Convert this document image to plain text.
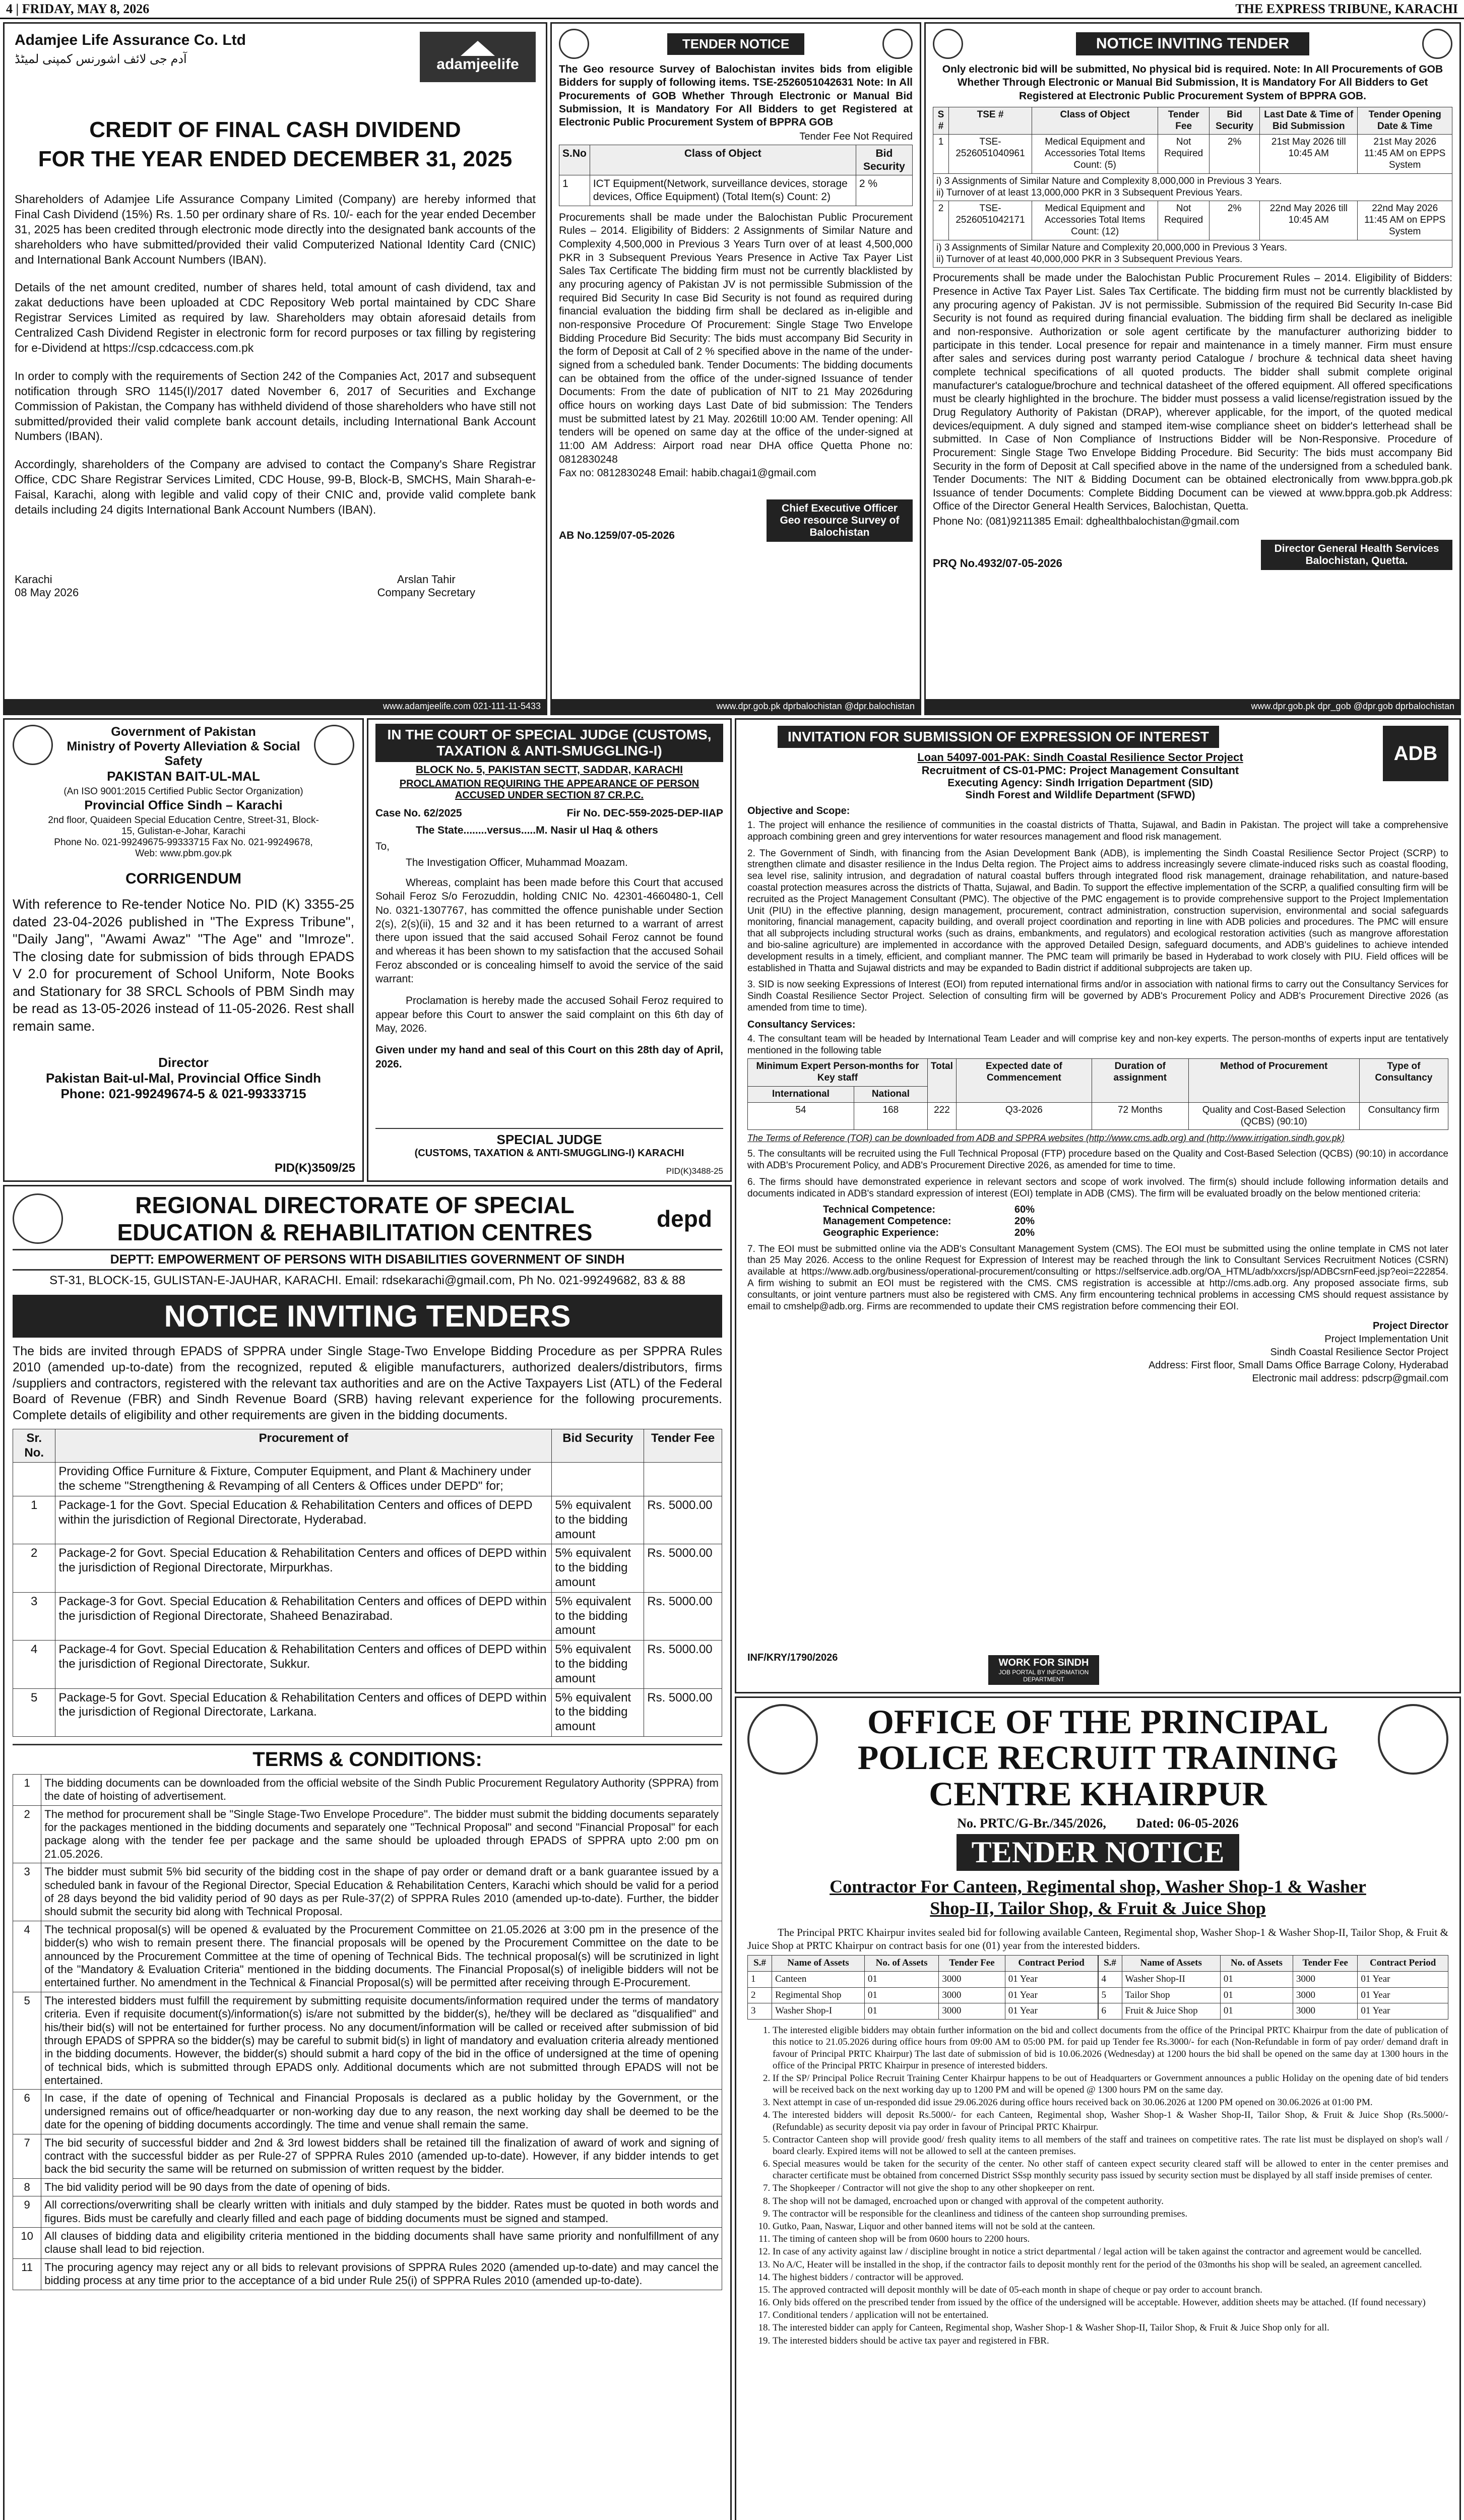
4 | FRIDAY, MAY 8, 2026	THE EXPRESS TRIBUNE, KARACHI
Adamjee Life Assurance Co. Ltd
آدم جی لائف اشورنس کمپنی لمیٹڈ	adamjeelife
CREDIT OF FINAL CASH DIVIDEND
FOR THE YEAR ENDED DECEMBER 31, 2025

Shareholders of Adamjee Life Assurance Company Limited (Company) are hereby informed that Final Cash Dividend (15%) Rs. 1.50 per ordinary share of Rs. 10/- each for the year ended December 31, 2025 has been credited through electronic mode directly into the designated bank accounts of the shareholders who have submitted/provided their valid Computerized National Identity Card (CNIC) and International Bank Account Numbers (IBAN).

Details of the net amount credited, number of shares held, total amount of cash dividend, tax and zakat deductions have been uploaded at CDC Repository Web portal maintained by CDC Share Registrar Services Limited as required by law. Shareholders may obtain aforesaid details from Centralized Cash Dividend Register in electronic form for record purposes or tax filling by registering for e-Dividend at https://csp.cdcaccess.com.pk

In order to comply with the requirements of Section 242 of the Companies Act, 2017 and subsequent notification through SRO 1145(I)/2017 dated November 6, 2017 of Securities and Exchange Commission of Pakistan, the Company has withheld dividend of those shareholders who have still not submitted/provided their valid complete bank account details, including International Bank Account Numbers (IBAN).

Accordingly, shareholders of the Company are advised to contact the Company's Share Registrar Office, CDC Share Registrar Services Limited, CDC House, 99-B, Block-B, SMCHS, Main Sharah-e-Faisal, Karachi, along with legible and valid copy of their CNIC and, provide valid complete bank details including 24 digits International Bank Account Numbers (IBAN).

Karachi
08 May 2026
Arslan Tahir
Company Secretary
www.adamjeelife.com 021-111-11-5433
TENDER NOTICE

The Geo resource Survey of Balochistan invites bids from eligible Bidders for supply of following items. TSE-2526051042631 Note: In All Procurements of GOB Whether Through Electronic or Manual Bid Submission, It is Mandatory For All Bidders to get Registered at Electronic Public Procurement System of BPPRA GOB

Tender Fee Not Required
S.No	Class of Object	Bid Security
1	ICT Equipment(Network, surveillance devices, storage devices, Office Equipment) (Total Item(s) Count: 2)	2 %

Procurements shall be made under the Balochistan Public Procurement Rules – 2014. Eligibility of Bidders: 2 Assignments of Similar Nature and Complexity 4,500,000 in Previous 3 Years Turn over of at least 4,500,000 PKR in 3 Subsequent Previous Years Presence in Active Tax Payer List Sales Tax Certificate The bidding firm must not be currently blacklisted by any procuring agency of Pakistan JV is not permissible Submission of the required Bid Security In case Bid Security is not found as required during financial evaluation the bidding firm shall be declared as in-eligible and non-responsive Procedure Of Procurement: Single Stage Two Envelope Bidding Procedure Bid Security: The bids must accompany Bid Security in the form of Deposit at Call of 2 % specified above in the name of the under-signed from a scheduled bank. Tender Documents: The bidding documents can be obtained from the office of the under-signed Issuance of tender Documents: From the date of publication of NIT to 21 May 2026during office hours on working days Last Date of bid submission: The Tenders must be submitted latest by 21 May. 2026till 10:00 AM. Tender opening: All tenders will be opened on same day at the office of the under-signed at 11:00 AM Address: Airport road near DHA office Quetta Phone no: 0812830248

Fax no: 0812830248 Email: habib.chagai1@gmail.com
AB No.1259/07-05-2026
Chief Executive Officer Geo resource Survey of Balochistan
www.dpr.gob.pk dprbalochistan @dpr.balochistan
NOTICE INVITING TENDER

Only electronic bid will be submitted, No physical bid is required. Note: In All Procurements of GOB Whether Through Electronic or Manual Bid Submission, It is Mandatory For All Bidders to Get Registered at Electronic Public Procurement System of BPPRA GOB.

S #	TSE #	Class of Object	Tender Fee	Bid Security	Last Date & Time of Bid Submission	Tender Opening Date & Time
1	TSE-2526051040961	Medical Equipment and Accessories Total Items Count: (5)	Not Required	2%	21st May 2026 till 10:45 AM	21st May 2026 11:45 AM on EPPS System

i) 3 Assignments of Similar Nature and Complexity 8,000,000 in Previous 3 Years.
ii) Turnover of at least 13,000,000 PKR in 3 Subsequent Previous Years.						

2	TSE-2526051042171	Medical Equipment and Accessories Total Items Count: (12)	Not Required	2%	22nd May 2026 till 10:45 AM	22nd May 2026 11:45 AM on EPPS System

i) 3 Assignments of Similar Nature and Complexity 20,000,000 in Previous 3 Years.
ii) Turnover of at least 40,000,000 PKR in 3 Subsequent Previous Years.						

Procurements shall be made under the Balochistan Public Procurement Rules – 2014. Eligibility of Bidders: Presence in Active Tax Payer List. Sales Tax Certificate. The bidding firm must not be currently blacklisted by any procuring agency of Pakistan. JV is not permissible. Submission of the required Bid Security In-case Bid Security is not found as required during financial evaluation. The bidding firm shall be declared as ineligible and non-responsive. Authorization or sole agent certificate by the manufacturer authorizing bidder to participate in this tender. Local presence for repair and maintenance in a timely manner. Firm must ensure after sales and services during post warranty period Catalogue / brochure & technical data sheet having complete technical specifications of all quoted products. The bidder shall submit complete original manufacturer's catalogue/brochure and technical datasheet of the offered equipment. All offered specifications must be clearly highlighted in the brochure. The bidder must possess a valid license/registration issued by the Drug Regulatory Authority of Pakistan (DRAP), wherever applicable, for the import, of the quoted medical devices/equipment. A duly signed and stamped item-wise compliance sheet on bidder's letterhead shall be submitted. In Case of Non Compliance of Instructions Bidder will be Non-Responsive. Procedure of Procurement: Single Stage Two Envelope Bidding Procedure. Bid Security: The bids must accompany Bid Security in the form of Deposit at Call specified above in the name of the undersigned from a scheduled bank. Tender Documents: The NIT & Bidding Document can be obtained electronically from www.bppra.gob.pk Issuance of tender Documents: Complete Bidding Document can be viewed at www.bppra.gob.pk Address: Office of the Director General Health Services, Balochistan, Quetta.

Phone No: (081)9211385 Email: dghealthbalochistan@gmail.com
PRQ No.4932/07-05-2026
Director General Health Services Balochistan, Quetta.
www.dpr.gob.pk dpr_gob @dpr.gob dprbalochistan
Government of Pakistan
Ministry of Poverty Alleviation & Social Safety
PAKISTAN BAIT-UL-MAL
(An ISO 9001:2015 Certified Public Sector Organization)
Provincial Office Sindh – Karachi
2nd floor, Quaideen Special Education Centre, Street-31, Block-15, Gulistan-e-Johar, Karachi
Phone No. 021-99249675-99333715 Fax No. 021-99249678, Web: www.pbm.gov.pk
CORRIGENDUM

With reference to Re-tender Notice No. PID (K) 3355-25 dated 23-04-2026 published in "The Express Tribune", "Daily Jang", "Awami Awaz" "The Age" and "Imroze". The closing date for submission of bids through EPADS V 2.0 for procurement of School Uniform, Note Books and Stationary for 38 SRCL Schools of PBM Sindh may be read as 13-05-2026 instead of 11-05-2026. Rest shall remain same.

Director
Pakistan Bait-ul-Mal, Provincial Office Sindh
Phone: 021-99249674-5 & 021-99333715
PID(K)3509/25
IN THE COURT OF SPECIAL JUDGE (CUSTOMS, TAXATION & ANTI-SMUGGLING-I)
BLOCK No. 5, PAKISTAN SECTT, SADDAR, KARACHI
PROCLAMATION REQUIRING THE APPEARANCE OF PERSON ACCUSED UNDER SECTION 87 CR.P.C.
Case No. 62/2025	Fir No. DEC-559-2025-DEP-IIAP
The State........versus.....M. Nasir ul Haq & others
To,
The Investigation Officer, Muhammad Moazam.

Whereas, complaint has been made before this Court that accused Sohail Feroz S/o Ferozuddin, holding CNIC No. 42301-4660480-1, Cell No. 0321-1307767, has committed the offence punishable under Section 2(s), 2(s)(ii), 15 and 32 and it has been returned to a warrant of arrest there upon issued that the said accused Sohail Feroz cannot be found and whereas it has been shown to my satisfaction that the accused Sohail Feroz absconded or is concealing himself to avoid the service of the said warrant:

Proclamation is hereby made the accused Sohail Feroz required to appear before this Court to answer the said complaint on this 6th day of May, 2026.

Given under my hand and seal of this Court on this 28th day of April, 2026.

SPECIAL JUDGE
(CUSTOMS, TAXATION & ANTI-SMUGGLING-I) KARACHI
PID(K)3488-25
INVITATION FOR SUBMISSION OF EXPRESSION OF INTEREST
Loan 54097-001-PAK: Sindh Coastal Resilience Sector Project
Recruitment of CS-01-PMC: Project Management Consultant
Executing Agency: Sindh Irrigation Department (SID)
Sindh Forest and Wildlife Department (SFWD)
ADB
Objective and Scope:

1. The project will enhance the resilience of communities in the coastal districts of Thatta, Sujawal, and Badin in Pakistan. The project will take a comprehensive approach combining green and grey interventions for water resources management and flood risk management.

2. The Government of Sindh, with financing from the Asian Development Bank (ADB), is implementing the Sindh Coastal Resilience Sector Project (SCRP) to strengthen climate and disaster resilience in the Indus Delta region. The Project aims to address increasingly severe climate-induced risks such as coastal flooding, sea level rise, salinity intrusion, and degradation of natural coastal buffers through integrated flood risk management, drainage rehabilitation, and nature-based coastal protection measures across the districts of Thatta, Sujawal, and Badin. To support the effective implementation of the SCRP, a qualified consulting firm will be recruited as the Project Management Consultant (PMC). The objective of the PMC engagement is to provide comprehensive support to the Project Implementation Unit (PIU) in the effective planning, design management, procurement, contract administration, construction supervision, environmental and social safeguards monitoring, financial management, capacity building, and overall project coordination and reporting in line with ADB policies and procedures. The PMC will ensure that all subprojects including structural works (such as drains, embankments, and regulators) and ecological restoration activities (such as mangrove afforestation and bio-saline agriculture) are implemented in accordance with the approved Detailed Design, safeguard documents, and ADB's guidelines to achieve intended development results in a timely, efficient, and compliant manner. The PMC team will primarily be based in Hyderabad to work closely with PIU. Field offices will be established in Thatta and Sujawal districts and may be expanded to Badin district if additional subprojects are taken up.

3. SID is now seeking Expressions of Interest (EOI) from reputed international firms and/or in association with national firms to carry out the Consultancy Services for Sindh Coastal Resilience Sector Project. Selection of consulting firm will be governed by ADB's Procurement Policy and ADB's Procurement Directive 2026 (as amended from time to time).

Consultancy Services:

4. The consultant team will be headed by International Team Leader and will comprise key and non-key experts. The person-months of experts input are tentatively mentioned in the following table

Minimum Expert Person-months for Key staff		Total	Expected date of Commencement	Duration of assignment	Method of Procurement	Type of Consultancy
International	National					
54	168	222	Q3-2026	72 Months	Quality and Cost-Based Selection (QCBS) (90:10)	Consultancy firm
The Terms of Reference (TOR) can be downloaded from ADB and SPPRA websites (http://www.cms.adb.org) and (http://www.irrigation.sindh.gov.pk)

5. The consultants will be recruited using the Full Technical Proposal (FTP) procedure based on the Quality and Cost-Based Selection (QCBS) (90:10) in accordance with ADB's Procurement Policy, and ADB's Procurement Directive 2026, as amended for time to time.

6. The firms should have demonstrated experience in relevant sectors and scope of work involved. The firm(s) should include following information details and documents indicated in ADB's standard expression of interest (EOI) template in ADB (CMS). The firm will be evaluated broadly on the below mentioned criteria:

Technical Competence:	60%
Management Competence:	20%
Geographic Experience:	20%

7. The EOI must be submitted online via the ADB's Consultant Management System (CMS). The EOI must be submitted using the online template in CMS not later than 25 May 2026. Access to the online Request for Expression of Interest may be reached through the link to Consultant Services Recruitment Notices (CSRN) available at https://www.adb.org/business/operational-procurement/consulting or https://selfservice.adb.org/OA_HTML/adb/xxcrs/jsp/ADBCsrnFeed.jsp?eoi=222854. A firm wishing to submit an EOI must be registered with the CMS. CMS registration is accessible at http://cms.adb.org. Any proposed associate firms, sub consultants, or joint venture partners must also be registered with CMS. Any firm encountering technical problems in accessing CMS should request assistance by email to cmshelp@adb.org. Firms are recommended to update their CMS registration before commencing their EOI.

Project Director
Project Implementation Unit
Sindh Coastal Resilience Sector Project
Address: First floor, Small Dams Office Barrage Colony, Hyderabad
Electronic mail address: pdscrp@gmail.com
INF/KRY/1790/2026	WORK FOR SINDH
JOB PORTAL BY INFORMATION DEPARTMENT
REGIONAL DIRECTORATE OF SPECIAL
EDUCATION & REHABILITATION CENTRES
depd
DEPTT: EMPOWERMENT OF PERSONS WITH DISABILITIES GOVERNMENT OF SINDH
ST-31, BLOCK-15, GULISTAN-E-JAUHAR, KARACHI. Email: rdsekarachi@gmail.com, Ph No. 021-99249682, 83 & 88
NOTICE INVITING TENDERS

The bids are invited through EPADS of SPPRA under Single Stage-Two Envelope Bidding Procedure as per SPPRA Rules 2010 (amended up-to-date) from the recognized, reputed & eligible manufacturers, authorized dealers/distributors, firms /suppliers and contractors, registered with the relevant tax authorities and are on the Active Taxpayers List (ATL) of the Federal Board of Revenue (FBR) and Sindh Revenue Board (SRB) having relevant experience for the following procurements. Complete details of eligibility and other requirements are given in the bidding documents.

Sr. No.	Procurement of	Bid Security	Tender Fee
	Providing Office Furniture & Fixture, Computer Equipment, and Plant & Machinery under the scheme "Strengthening & Revamping of all Centers & Offices under DEPD" for;		
1	Package-1 for the Govt. Special Education & Rehabilitation Centers and offices of DEPD within the jurisdiction of Regional Directorate, Hyderabad.	5% equivalent to the bidding amount	Rs. 5000.00
2	Package-2 for Govt. Special Education & Rehabilitation Centers and offices of DEPD within the jurisdiction of Regional Directorate, Mirpurkhas.	5% equivalent to the bidding amount	Rs. 5000.00
3	Package-3 for Govt. Special Education & Rehabilitation Centers and offices of DEPD within the jurisdiction of Regional Directorate, Shaheed Benazirabad.	5% equivalent to the bidding amount	Rs. 5000.00
4	Package-4 for Govt. Special Education & Rehabilitation Centers and offices of DEPD within the jurisdiction of Regional Directorate, Sukkur.	5% equivalent to the bidding amount	Rs. 5000.00
5	Package-5 for Govt. Special Education & Rehabilitation Centers and offices of DEPD within the jurisdiction of Regional Directorate, Larkana.	5% equivalent to the bidding amount	Rs. 5000.00
TERMS & CONDITIONS:
1	The bidding documents can be downloaded from the official website of the Sindh Public Procurement Regulatory Authority (SPPRA) from the date of hoisting of advertisement.
2	The method for procurement shall be "Single Stage-Two Envelope Procedure". The bidder must submit the bidding documents separately for the packages mentioned in the bidding documents and separately one "Technical Proposal" and second "Financial Proposal" for each package along with the tender fee per package and the same should be uploaded through EPADS of SPPRA upto 2:00 pm on 21.05.2026.
3	The bidder must submit 5% bid security of the bidding cost in the shape of pay order or demand draft or a bank guarantee issued by a scheduled bank in favour of the Regional Director, Special Education & Rehabilitation Centers, Karachi which should be valid for a period of 28 days beyond the bid validity period of 90 days as per Rule-37(2) of SPPRA Rules 2010 (amended up-to-date). Further, the bidder should submit the security bid along with Technical Proposal.
4	The technical proposal(s) will be opened & evaluated by the Procurement Committee on 21.05.2026 at 3:00 pm in the presence of the bidder(s) who wish to remain present there. The financial proposals will be opened by the Procurement Committee on the date to be announced by the Procurement Committee at the time of opening of Technical Bids. The technical proposal(s) will be scrutinized in light of the "Mandatory & Evaluation Criteria" mentioned in the bidding documents. The Financial Proposal(s) of ineligible bidders will not be entertained further. No amendment in the Technical & Financial Proposal(s) will be permitted after receiving through E-Procurement.
5	The interested bidders must fulfill the requirement by submitting requisite documents/information required under the terms of mandatory criteria. Even if requisite document(s)/information(s) is/are not submitted by the bidder(s), he/they will be declared as "disqualified" and his/their bid(s) will not be entertained for further process. No any document/information will be called or received after submission of bid through EPADS of SPPRA so the bidder(s) may be careful to submit bid(s) in light of mandatory and evaluation criteria already mentioned in the bidding documents. However, the bidder(s) should submit a hard copy of the bid in the office of undersigned at the time of opening of technical bids, which is submitted through EPADS only. Additional documents which are not submitted through EPADS will not be entertained.
6	In case, if the date of opening of Technical and Financial Proposals is declared as a public holiday by the Government, or the undersigned remains out of office/headquarter or non-working day due to any reason, the next working day shall be deemed to be the date for the opening of bidding documents accordingly. The time and venue shall remain the same.
7	The bid security of successful bidder and 2nd & 3rd lowest bidders shall be retained till the finalization of award of work and signing of contract with the successful bidder as per Rule-27 of SPPRA Rules 2010 (amended up-to-date). However, if any bidder intends to get back the bid security the same will be returned on submission of written request by the bidder.
8	The bid validity period will be 90 days from the date of opening of bids.
9	All corrections/overwriting shall be clearly written with initials and duly stamped by the bidder. Rates must be quoted in both words and figures. Bids must be carefully and clearly filled and each page of bidding documents must be signed and stamped.
10	All clauses of bidding data and eligibility criteria mentioned in the bidding documents shall have same priority and nonfulfillment of any clause shall lead to bid rejection.
11	The procuring agency may reject any or all bids to relevant provisions of SPPRA Rules 2020 (amended up-to-date) and may cancel the bidding process at any time prior to the acceptance of a bid under Rule 25(i) of SPPRA Rules 2010 (amended up-to-date).
OFFICE OF THE PRINCIPAL
POLICE RECRUIT TRAINING
CENTRE KHAIRPUR
No. PRTC/G-Br./345/2026, Dated: 06-05-2026
TENDER NOTICE
Contractor For Canteen, Regimental shop, Washer Shop-1 & Washer Shop-II, Tailor Shop, & Fruit & Juice Shop

The Principal PRTC Khairpur invites sealed bid for following available Canteen, Regimental shop, Washer Shop-1 & Washer Shop-II, Tailor Shop, & Fruit & Juice Shop at PRTC Khairpur on contract basis for one (01) year from the interested bidders.

S.#	Name of Assets	No. of Assets	Tender Fee	Contract Period
1	Canteen	01	3000	01 Year
2	Regimental Shop	01	3000	01 Year
3	Washer Shop-I	01	3000	01 Year
S.#	Name of Assets	No. of Assets	Tender Fee	Contract Period
4	Washer Shop-II	01	3000	01 Year
5	Tailor Shop	01	3000	01 Year
6	Fruit & Juice Shop	01	3000	01 Year
1. The interested eligible bidders may obtain further information on the bid and collect documents from the office of the Principal PRTC Khairpur from the date of publication of this notice to 21.05.2026 during office hours from 09:00 AM to 05:00 PM. for paid up Tender fee Rs.3000/- for each (Non-Refundable in form of pay order/ demand draft in favour of Principal PRTC Khairpur) The last date of submission of bid is 10.06.2026 (Wednesday) at 1200 hours the bid shall be opened on the same day at 1300 hours in the office of the Principal PRTC Khairpur in presence of interested bidders.
2. If the SP/ Principal Police Recruit Training Center Khairpur happens to be out of Headquarters or Government announces a public Holiday on the opening date of bid tenders will be received back on the next working day up to 1200 PM and will be opened @ 1300 hours PM on the same day.
3. Next attempt in case of un-responded did issue 29.06.2026 during office hours received back on 30.06.2026 at 1200 PM opened on 30.06.2026 at 01:00 PM.
4. The interested bidders will deposit Rs.5000/- for each Canteen, Regimental shop, Washer Shop-1 & Washer Shop-II, Tailor Shop, & Fruit & Juice Shop (Rs.5000/- (Refundable) as security deposit via pay order in favour of Principal PRTC Khairpur.
5. Contractor Canteen shop will provide good/ fresh quality items to all members of the staff and trainees on competitive rates. The rate list must be displayed on shop's wall / board clearly. Expired items will not be allowed to sell at the canteen premises.
6. Special measures would be taken for the security of the center. No other staff of canteen expect security cleared staff will be allowed to enter in the center premises and character certificate must be obtained from concerned District SSsp monthly security pass issued by security section must be displayed by all staff inside premises of center.
7. The Shopkeeper / Contractor will not give the shop to any other shopkeeper on rent.
8. The shop will not be damaged, encroached upon or changed with approval of the competent authority.
9. The contractor will be responsible for the cleanliness and tidiness of the canteen shop surrounding premises.
10. Gutko, Paan, Naswar, Liquor and other banned items will not be sold at the canteen.
11. The timing of canteen shop will be from 0600 hours to 2200 hours.
12. In case of any activity against law / discipline brought in notice a strict departmental / legal action will be taken against the contractor and agreement would be cancelled.
13. No A/C, Heater will be installed in the shop, if the contractor fails to deposit monthly rent for the period of the 03months his shop will be sealed, an agreement cancelled.
14. The highest bidders / contractor will be approved.
15. The approved contracted will deposit monthly will be date of 05-each month in shape of cheque or pay order to account branch.
16. Only bids offered on the prescribed tender from issued by the office of the undersigned will be acceptable. However, addition sheets may be attached. (If found necessary)
17. Conditional tenders / application will not be entertained.
18. The interested bidder can apply for Canteen, Regimental shop, Washer Shop-1 & Washer Shop-II, Tailor Shop, & Fruit & Juice Shop only for all.
19. The interested bidders should be active tax payer and registered in FBR.
